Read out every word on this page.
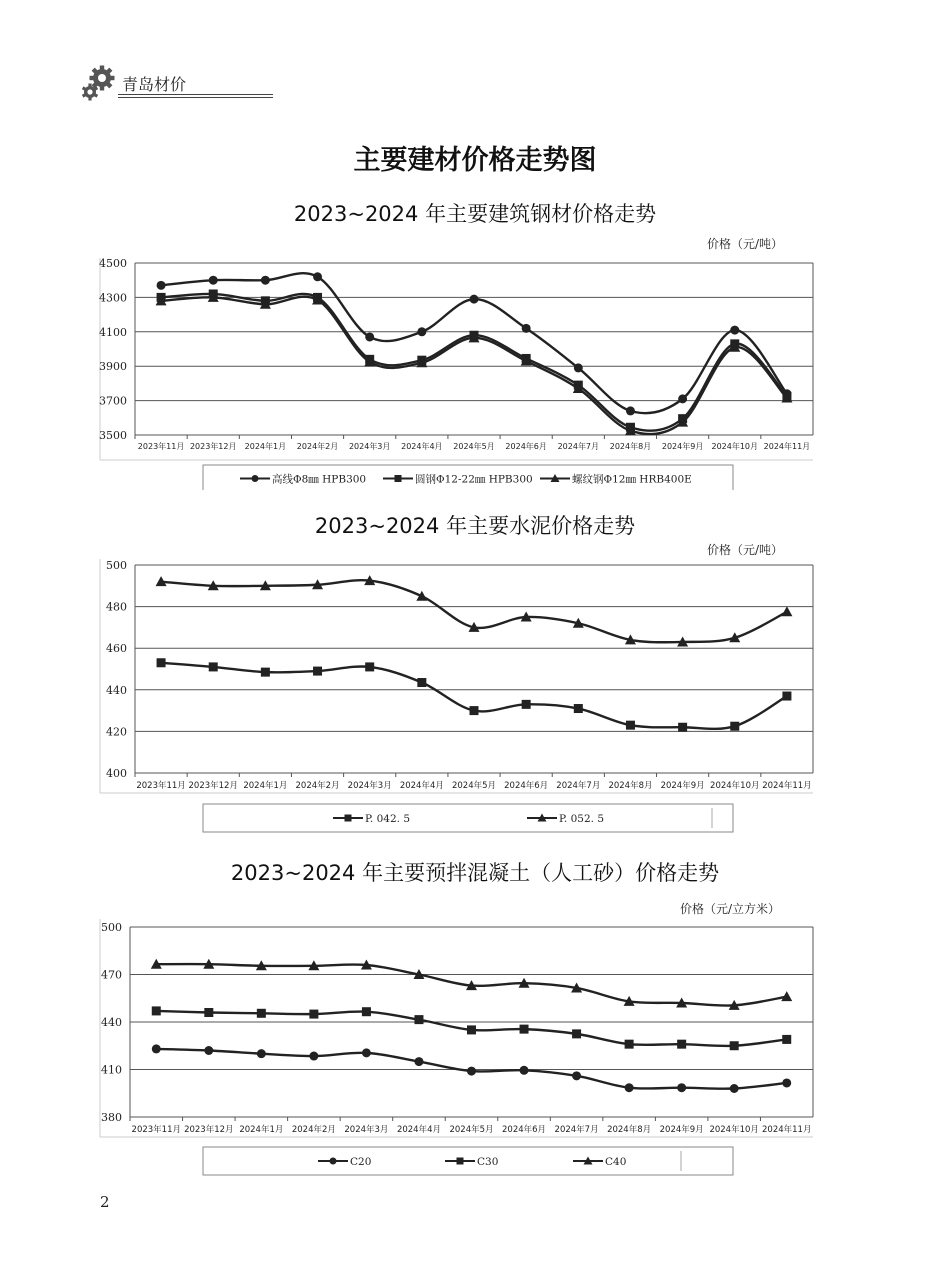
青岛材价
主要建材价格走势图
2023~2024 年主要建筑钢材价格走势
价格（元/吨）
3500
3700
3900
4100
4300
4500
2023年11月 2023年12月 2024年1月 2024年2月 2024年3月 2024年4月 2024年5月 2024年6月 2024年7月 2024年8月 2024年9月 2024年10月 2024年11月
高线Φ8㎜ HPB300	圆钢Φ12-22㎜ HPB300	螺纹钢Φ12㎜ HRB400E
2023~2024 年主要水泥价格走势
价格（元/吨）
400
420
440
460
480
500
2023年11月 2023年12月 2024年1月 2024年2月 2024年3月 2024年4月 2024年5月 2024年6月 2024年7月 2024年8月 2024年9月 2024年10月 2024年11月
P. 042. 5	P. 052. 5
2023~2024 年主要预拌混凝土（人工砂）价格走势
价格（元/立方米）
380
410
440
470
500
2023年11月 2023年12月 2024年1月 2024年2月 2024年3月 2024年4月 2024年5月 2024年6月 2024年7月 2024年8月 2024年9月 2024年10月 2024年11月
C20	C30	C40
2
